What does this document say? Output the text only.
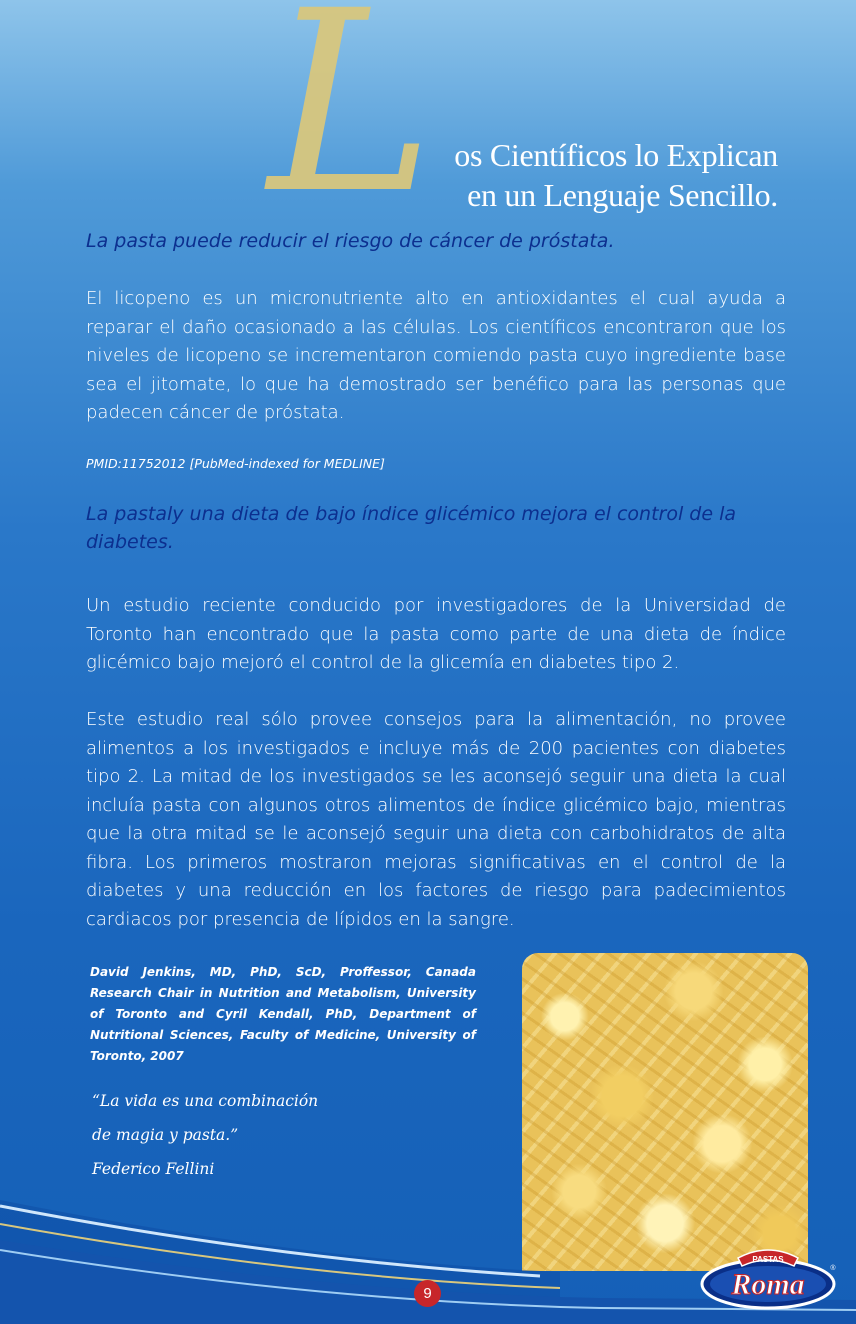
L os Científicos lo Explican
en un Lenguaje Sencillo.
La pasta puede reducir el riesgo de cáncer de próstata.

El licopeno es un micronutriente alto en antioxidantes el cual ayuda a reparar el daño ocasionado a las células. Los científicos encontraron que los niveles de licopeno se incrementaron comiendo pasta cuyo ingrediente base sea el jitomate, lo que ha demostrado ser benéfico para las personas que padecen cáncer de próstata.

PMID:11752012 [PubMed-indexed for MEDLINE]
La pastaly una dieta de bajo índice glicémico mejora el control de la diabetes.

Un estudio reciente conducido por investigadores de la Universidad de Toronto han encontrado que la pasta como parte de una dieta de índice glicémico bajo mejoró el control de la glicemía en diabetes tipo 2.

Este estudio real sólo provee consejos para la alimentación, no provee alimentos a los investigados e incluye más de 200 pacientes con diabetes tipo 2. La mitad de los investigados se les aconsejó seguir una dieta la cual incluía pasta con algunos otros alimentos de índice glicémico bajo, mientras que la otra mitad se le aconsejó seguir una dieta con carbohidratos de alta fibra. Los primeros mostraron mejoras significativas en el control de la diabetes y una reducción en los factores de riesgo para padecimientos cardiacos por presencia de lípidos en la sangre.

David Jenkins, MD, PhD, ScD, Proffessor, Canada Research Chair in Nutrition and Metabolism, University of Toronto and Cyril Kendall, PhD, Department of Nutritional Sciences, Faculty of Medicine, University of Toronto, 2007

“La vida es una combinación
de magia y pasta.”
Federico Fellini
9
PASTAS
Roma	®
